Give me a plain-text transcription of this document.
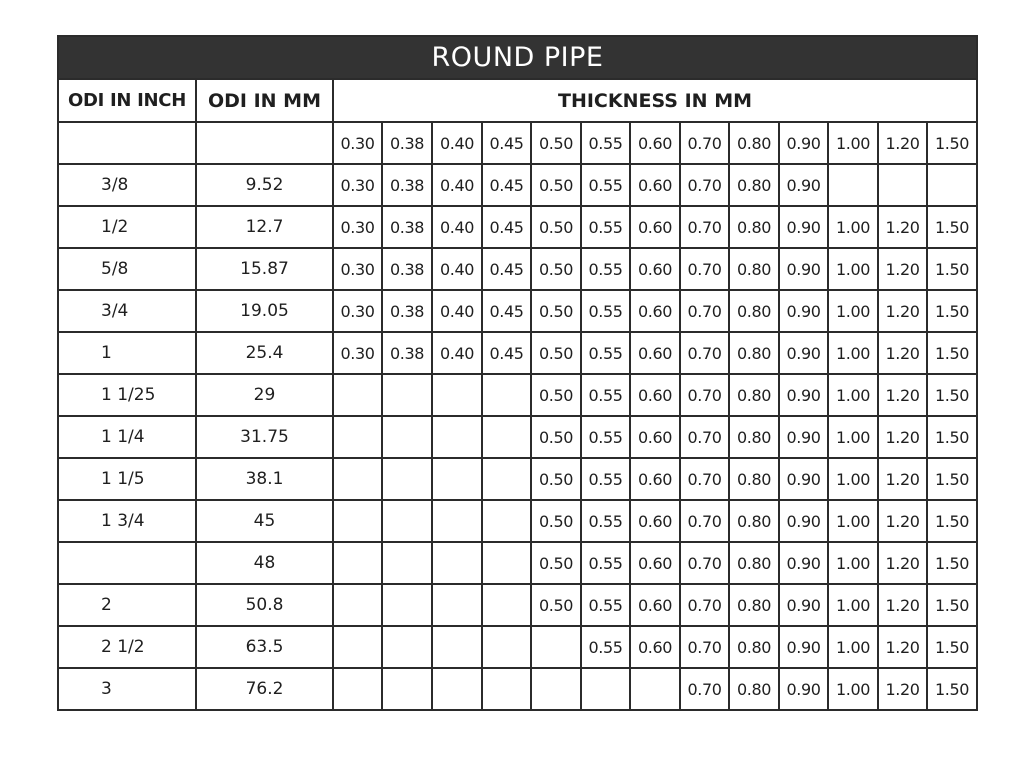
ROUND PIPE														
ODI IN INCH	ODI IN MM	THICKNESS IN MM												
		0.30	0.38	0.40	0.45	0.50	0.55	0.60	0.70	0.80	0.90	1.00	1.20	1.50
3/8	9.52	0.30	0.38	0.40	0.45	0.50	0.55	0.60	0.70	0.80	0.90			
1/2	12.7	0.30	0.38	0.40	0.45	0.50	0.55	0.60	0.70	0.80	0.90	1.00	1.20	1.50
5/8	15.87	0.30	0.38	0.40	0.45	0.50	0.55	0.60	0.70	0.80	0.90	1.00	1.20	1.50
3/4	19.05	0.30	0.38	0.40	0.45	0.50	0.55	0.60	0.70	0.80	0.90	1.00	1.20	1.50
1	25.4	0.30	0.38	0.40	0.45	0.50	0.55	0.60	0.70	0.80	0.90	1.00	1.20	1.50
1 1/25	29					0.50	0.55	0.60	0.70	0.80	0.90	1.00	1.20	1.50
1 1/4	31.75					0.50	0.55	0.60	0.70	0.80	0.90	1.00	1.20	1.50
1 1/5	38.1					0.50	0.55	0.60	0.70	0.80	0.90	1.00	1.20	1.50
1 3/4	45					0.50	0.55	0.60	0.70	0.80	0.90	1.00	1.20	1.50
	48					0.50	0.55	0.60	0.70	0.80	0.90	1.00	1.20	1.50
2	50.8					0.50	0.55	0.60	0.70	0.80	0.90	1.00	1.20	1.50
2 1/2	63.5						0.55	0.60	0.70	0.80	0.90	1.00	1.20	1.50
3	76.2								0.70	0.80	0.90	1.00	1.20	1.50
